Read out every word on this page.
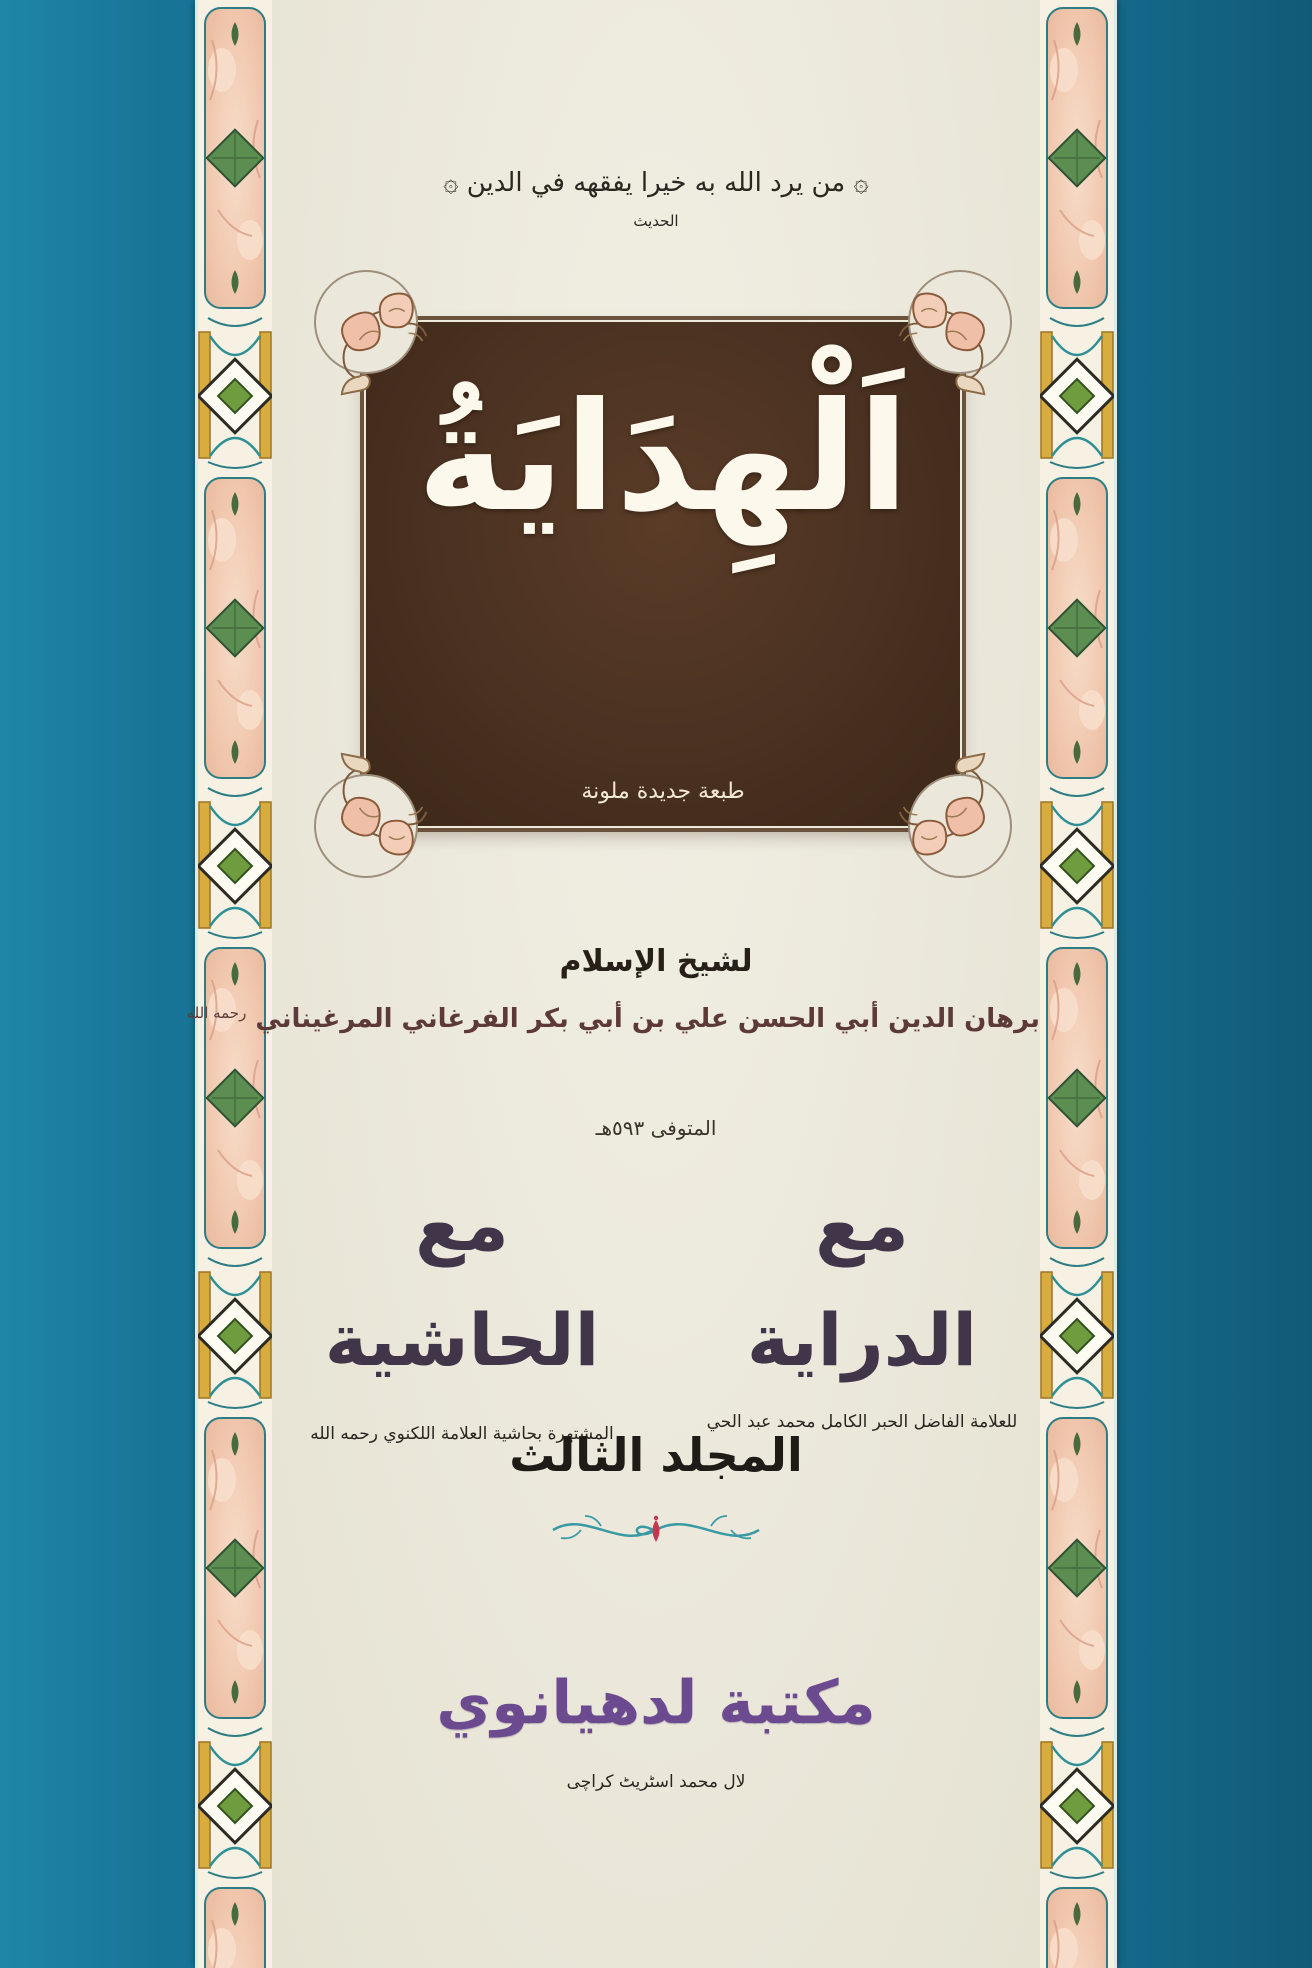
۞ من يرد الله به خيرا يفقهه في الدين ۞
الحديث
اَلْهِدَايَةُ
طبعة جديدة ملونة
لشيخ الإسلام
برهان الدين أبي الحسن علي بن أبي بكر الفرغاني المرغيناني $^{رحمه الله}$
المتوفى ٥٩٣هـ
مع الدراية
للعلامة الفاضل الحبر الكامل محمد عبد الحي
مع الحاشية
المشتهرة بحاشية العلامة اللكنوي رحمه الله
المجلد الثالث
مكتبة لدهيانوي
لال محمد اسٹریٹ کراچی
